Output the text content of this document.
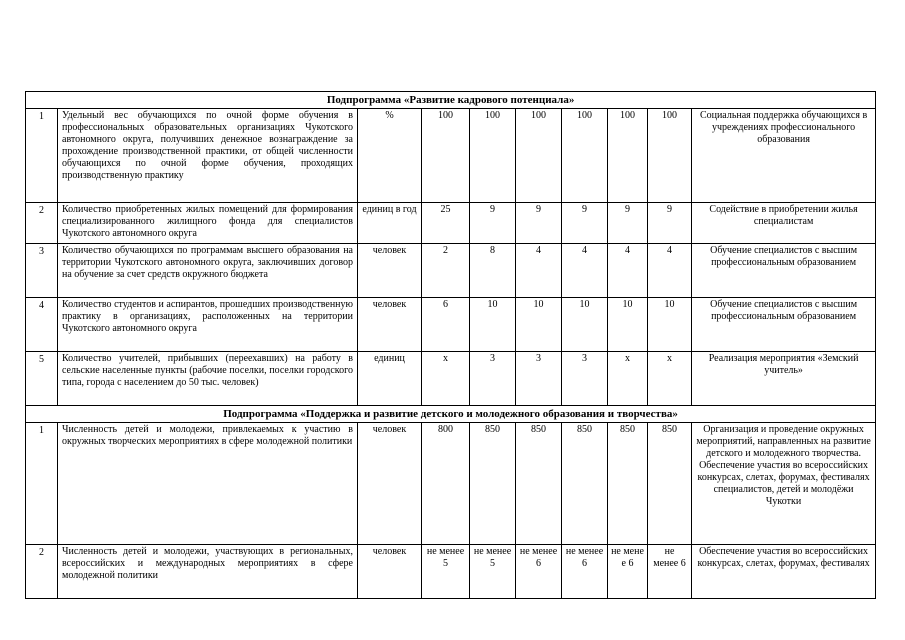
Подпрограмма «Развитие кадрового потенциала»									
1	Удельный вес обучающихся по очной форме обучения в профессиональных образовательных организациях Чукотского автономного округа, получивших денежное вознаграждение за прохождение производственной практики, от общей численности обучающихся по очной форме обучения, проходящих производственную практику	%	100	100	100	100	100	100	Социальная поддержка обучающихся в учреждениях профессионального образования
2	Количество приобретенных жилых помещений для формирования специализированного жилищного фонда для специалистов Чукотского автономного округа	единиц в год	25	9	9	9	9	9	Содействие в приобретении жилья специалистам
3	Количество обучающихся по программам высшего образования на территории Чукотского автономного округа, заключивших договор на обучение за счет средств окружного бюджета	человек	2	8	4	4	4	4	Обучение специалистов с высшим профессиональным образованием
4	Количество студентов и аспирантов, прошедших производственную практику в организациях, расположенных на территории Чукотского автономного округа	человек	6	10	10	10	10	10	Обучение специалистов с высшим профессиональным образованием
5	Количество учителей, прибывших (переехавших) на работу в сельские населенные пункты (рабочие поселки, поселки городского типа, города с населением до 50 тыс. человек)	единиц	х	3	3	3	х	х	Реализация мероприятия «Земский учитель»
Подпрограмма «Поддержка и развитие детского и молодежного образования и творчества»									
1	Численность детей и молодежи, привлекаемых к участию в окружных творческих мероприятиях в сфере молодежной политики	человек	800	850	850	850	850	850	Организация и проведение окружных мероприятий, направленных на развитие детского и молодежного творчества. Обеспечение участия во всероссийских конкурсах, слетах, форумах, фестивалях специалистов, детей и молодёжи Чукотки
2	Численность детей и молодежи, участвующих в региональных, всероссийских и международных мероприятиях в сфере молодежной политики	человек	не менее 5	не менее 5	не менее 6	не менее 6	не мене е 6	не менее 6	Обеспечение участия во всероссийских конкурсах, слетах, форумах, фестивалях
